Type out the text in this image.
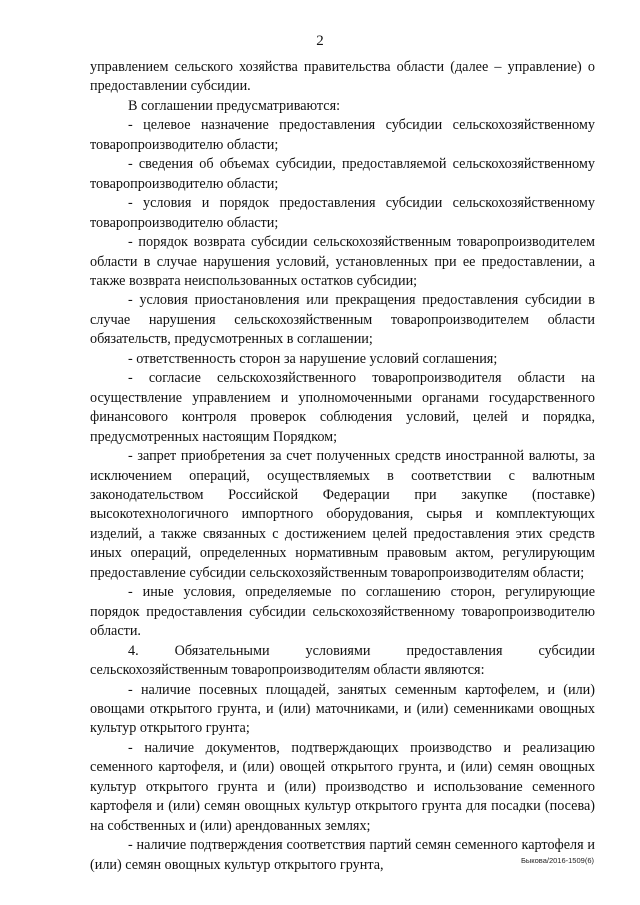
2

управлением сельского хозяйства правительства области (далее – управление) о предоставлении субсидии.

В соглашении предусматриваются:

- целевое назначение предоставления субсидии сельскохозяйственному товаропроизводителю области;

- сведения об объемах субсидии, предоставляемой сельскохозяйственному товаропроизводителю области;

- условия и порядок предоставления субсидии сельскохозяйственному товаропроизводителю области;

- порядок возврата субсидии сельскохозяйственным товаропроизводителем области в случае нарушения условий, установленных при ее предоставлении, а также возврата неиспользованных остатков субсидии;

- условия приостановления или прекращения предоставления субсидии в случае нарушения сельскохозяйственным товаропроизводителем области обязательств, предусмотренных в соглашении;

- ответственность сторон за нарушение условий соглашения;

- согласие сельскохозяйственного товаропроизводителя области на осуществление управлением и уполномоченными органами государственного финансового контроля проверок соблюдения условий, целей и порядка, предусмотренных настоящим Порядком;

- запрет приобретения за счет полученных средств иностранной валюты, за исключением операций, осуществляемых в соответствии с валютным законодательством Российской Федерации при закупке (поставке) высокотехнологичного импортного оборудования, сырья и комплектующих изделий, а также связанных с достижением целей предоставления этих средств иных операций, определенных нормативным правовым актом, регулирующим предоставление субсидии сельскохозяйственным товаропроизводителям области;

- иные условия, определяемые по соглашению сторон, регулирующие порядок предоставления субсидии сельскохозяйственному товаропроизводителю области.

4. Обязательными условиями предоставления субсидии сельскохозяйственным товаропроизводителям области являются:

- наличие посевных площадей, занятых семенным картофелем, и (или) овощами открытого грунта, и (или) маточниками, и (или) семенниками овощных культур открытого грунта;

- наличие документов, подтверждающих производство и реализацию семенного картофеля, и (или) овощей открытого грунта, и (или) семян овощных культур открытого грунта и (или) производство и использование семенного картофеля и (или) семян овощных культур открытого грунта для посадки (посева) на собственных и (или) арендованных землях;

- наличие подтверждения соответствия партий семян семенного картофеля и (или) семян овощных культур открытого грунта,	Быкова/2016-1509(6)
